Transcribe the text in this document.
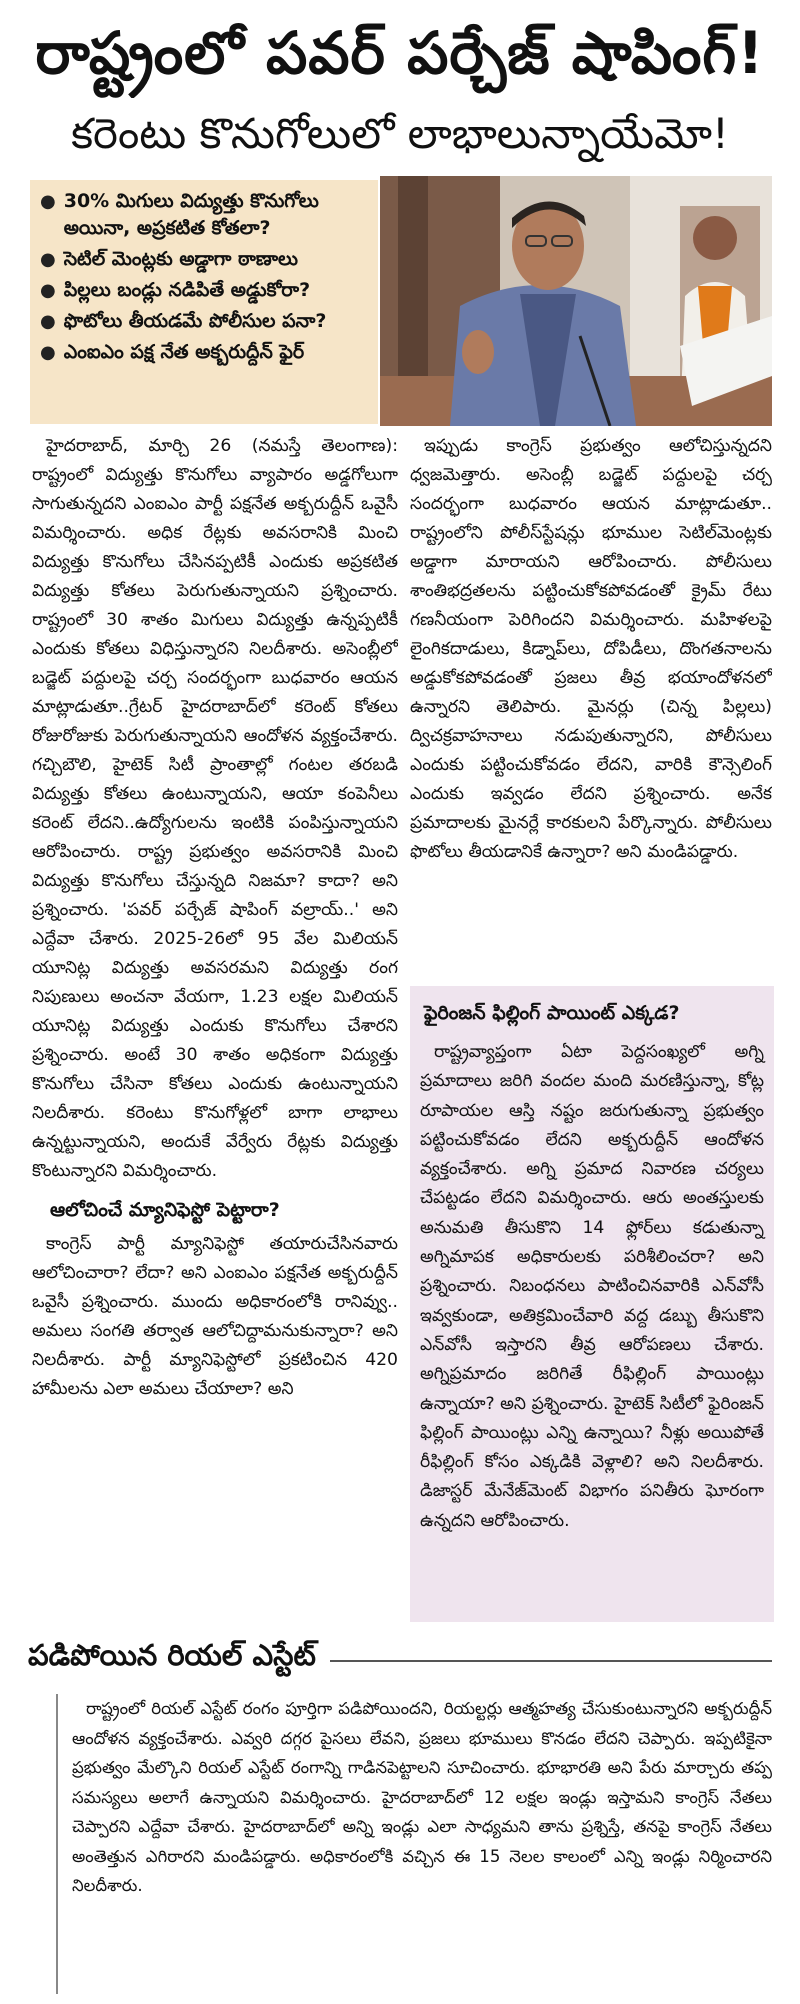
రాష్ట్రంలో పవర్ పర్చేజ్ షాపింగ్!
కరెంటు కొనుగోలులో లాభాలున్నాయేమో!
● 30% మిగులు విద్యుత్తు కొనుగోలు అయినా, అప్రకటిత కోతలా?
● సెటిల్ మెంట్లకు అడ్డాగా ఠాణాలు
● పిల్లలు బండ్లు నడిపితే అడ్డుకోరా?
● ఫొటోలు తీయడమే పోలీసుల పనా?
● ఎంఐఎం పక్ష నేత అక్బరుద్దీన్ ఫైర్

హైదరాబాద్, మార్చి 26 (నమస్తే తెలంగాణ): రాష్ట్రంలో విద్యుత్తు కొనుగోలు వ్యాపారం అడ్డగోలుగా సాగుతున్నదని ఎంఐఎం పార్టీ పక్షనేత అక్బరుద్దీన్ ఒవైసీ విమర్శించారు. అధిక రేట్లకు అవసరానికి మించి విద్యుత్తు కొనుగోలు చేసినప్పటికీ ఎందుకు అప్రకటిత విద్యుత్తు కోతలు పెరుగుతున్నాయని ప్రశ్నించారు. రాష్ట్రంలో 30 శాతం మిగులు విద్యుత్తు ఉన్నప్పటికీ ఎందుకు కోతలు విధిస్తున్నారని నిలదీశారు. అసెంబ్లీలో బడ్జెట్ పద్దులపై చర్చ సందర్భంగా బుధవారం ఆయన మాట్లాడుతూ..గ్రేటర్ హైదరాబాద్‌లో కరెంట్ కోతలు రోజురోజుకు పెరుగుతున్నాయని ఆందోళన వ్యక్తంచేశారు. గచ్చిబౌలి, హైటెక్ సిటీ ప్రాంతాల్లో గంటల తరబడి విద్యుత్తు కోతలు ఉంటున్నాయని, ఆయా కంపెనీలు కరెంట్ లేదని..ఉద్యోగులను ఇంటికి పంపిస్తున్నాయని ఆరోపించారు. రాష్ట్ర ప్రభుత్వం అవసరానికి మించి విద్యుత్తు కొనుగోలు చేస్తున్నది నిజమా? కాదా? అని ప్రశ్నించారు. 'పవర్ పర్చేజ్ షాపింగ్ వల్రాయ్..' అని ఎద్దేవా చేశారు. 2025-26లో 95 వేల మిలియన్ యూనిట్ల విద్యుత్తు అవసరమని విద్యుత్తు రంగ నిపుణులు అంచనా వేయగా, 1.23 లక్షల మిలియన్ యూనిట్ల విద్యుత్తు ఎందుకు కొనుగోలు చేశారని ప్రశ్నించారు. అంటే 30 శాతం అధికంగా విద్యుత్తు కొనుగోలు చేసినా కోతలు ఎందుకు ఉంటున్నాయని నిలదీశారు. కరెంటు కొనుగోళ్లలో బాగా లాభాలు ఉన్నట్టున్నాయని, అందుకే వేర్వేరు రేట్లకు విద్యుత్తు కొంటున్నారని విమర్శించారు.

ఆలోచించే మ్యానిఫెస్టో పెట్టారా?

కాంగ్రెస్ పార్టీ మ్యానిఫెస్టో తయారుచేసినవారు ఆలోచించారా? లేదా? అని ఎంఐఎం పక్షనేత అక్బరుద్దీన్ ఒవైసీ ప్రశ్నించారు. ముందు అధికారంలోకి రానివ్వు.. అమలు సంగతి తర్వాత ఆలోచిద్దామనుకున్నారా? అని నిలదీశారు. పార్టీ మ్యానిఫెస్టోలో ప్రకటించిన 420 హామీలను ఎలా అమలు చేయాలా? అని

ఇప్పుడు కాంగ్రెస్ ప్రభుత్వం ఆలోచిస్తున్నదని ధ్వజమెత్తారు. అసెంబ్లీ బడ్జెట్ పద్దులపై చర్చ సందర్భంగా బుధవారం ఆయన మాట్లాడుతూ.. రాష్ట్రంలోని పోలీస్‌స్టేషన్లు భూముల సెటిల్‌మెంట్లకు అడ్డాగా మారాయని ఆరోపించారు. పోలీసులు శాంతిభద్రతలను పట్టించుకోకపోవడంతో క్రైమ్ రేటు గణనీయంగా పెరిగిందని విమర్శించారు. మహిళలపై లైంగికదాడులు, కిడ్నాప్‌లు, దోపిడీలు, దొంగతనాలను అడ్డుకోకపోవడంతో ప్రజలు తీవ్ర భయాందోళనలో ఉన్నారని తెలిపారు. మైనర్లు (చిన్న పిల్లలు) ద్విచక్రవాహనాలు నడుపుతున్నారని, పోలీసులు ఎందుకు పట్టించుకోవడం లేదని, వారికి కౌన్సెలింగ్ ఎందుకు ఇవ్వడం లేదని ప్రశ్నించారు. అనేక ప్రమాదాలకు మైనర్లే కారకులని పేర్కొన్నారు. పోలీసులు ఫొటోలు తీయడానికే ఉన్నారా? అని మండిపడ్డారు.

ఫైరింజన్ ఫిల్లింగ్ పాయింట్ ఎక్కడ?

రాష్ట్రవ్యాప్తంగా ఏటా పెద్దసంఖ్యలో అగ్ని ప్రమాదాలు జరిగి వందల మంది మరణిస్తున్నా, కోట్ల రూపాయల ఆస్తి నష్టం జరుగుతున్నా ప్రభుత్వం పట్టించుకోవడం లేదని అక్బరుద్దీన్ ఆందోళన వ్యక్తంచేశారు. అగ్ని ప్రమాద నివారణ చర్యలు చేపట్టడం లేదని విమర్శించారు. ఆరు అంతస్తులకు అనుమతి తీసుకొని 14 ఫ్లోర్‌లు కడుతున్నా అగ్నిమాపక అధికారులకు పరిశీలించరా? అని ప్రశ్నించారు. నిబంధనలు పాటించినవారికి ఎన్‌వోసీ ఇవ్వకుండా, అతిక్రమించేవారి వద్ద డబ్బు తీసుకొని ఎన్‌వోసీ ఇస్తారని తీవ్ర ఆరోపణలు చేశారు. అగ్నిప్రమాదం జరిగితే రీఫిల్లింగ్ పాయింట్లు ఉన్నాయా? అని ప్రశ్నించారు. హైటెక్ సిటీలో ఫైరింజన్ ఫిల్లింగ్ పాయింట్లు ఎన్ని ఉన్నాయి? నీళ్లు అయిపోతే రీఫిల్లింగ్ కోసం ఎక్కడికి వెళ్లాలి? అని నిలదీశారు. డిజాస్టర్ మేనేజ్‌మెంట్ విభాగం పనితీరు ఘోరంగా ఉన్నదని ఆరోపించారు.

పడిపోయిన రియల్ ఎస్టేట్

రాష్ట్రంలో రియల్ ఎస్టేట్ రంగం పూర్తిగా పడిపోయిందని, రియల్టర్లు ఆత్మహత్య చేసుకుంటున్నారని అక్బరుద్దీన్ ఆందోళన వ్యక్తంచేశారు. ఎవ్వరి దగ్గర పైసలు లేవని, ప్రజలు భూములు కొనడం లేదని చెప్పారు. ఇప్పటికైనా ప్రభుత్వం మేల్కొని రియల్ ఎస్టేట్ రంగాన్ని గాడినపెట్టాలని సూచించారు. భూభారతి అని పేరు మార్చారు తప్ప సమస్యలు అలాగే ఉన్నాయని విమర్శించారు. హైదరాబాద్‌లో 12 లక్షల ఇండ్లు ఇస్తామని కాంగ్రెస్ నేతలు చెప్పారని ఎద్దేవా చేశారు. హైదరాబాద్‌లో అన్ని ఇండ్లు ఎలా సాధ్యమని తాను ప్రశ్నిస్తే, తనపై కాంగ్రెస్ నేతలు అంతెత్తున ఎగిరారని మండిపడ్డారు. అధికారంలోకి వచ్చిన ఈ 15 నెలల కాలంలో ఎన్ని ఇండ్లు నిర్మించారని నిలదీశారు.
